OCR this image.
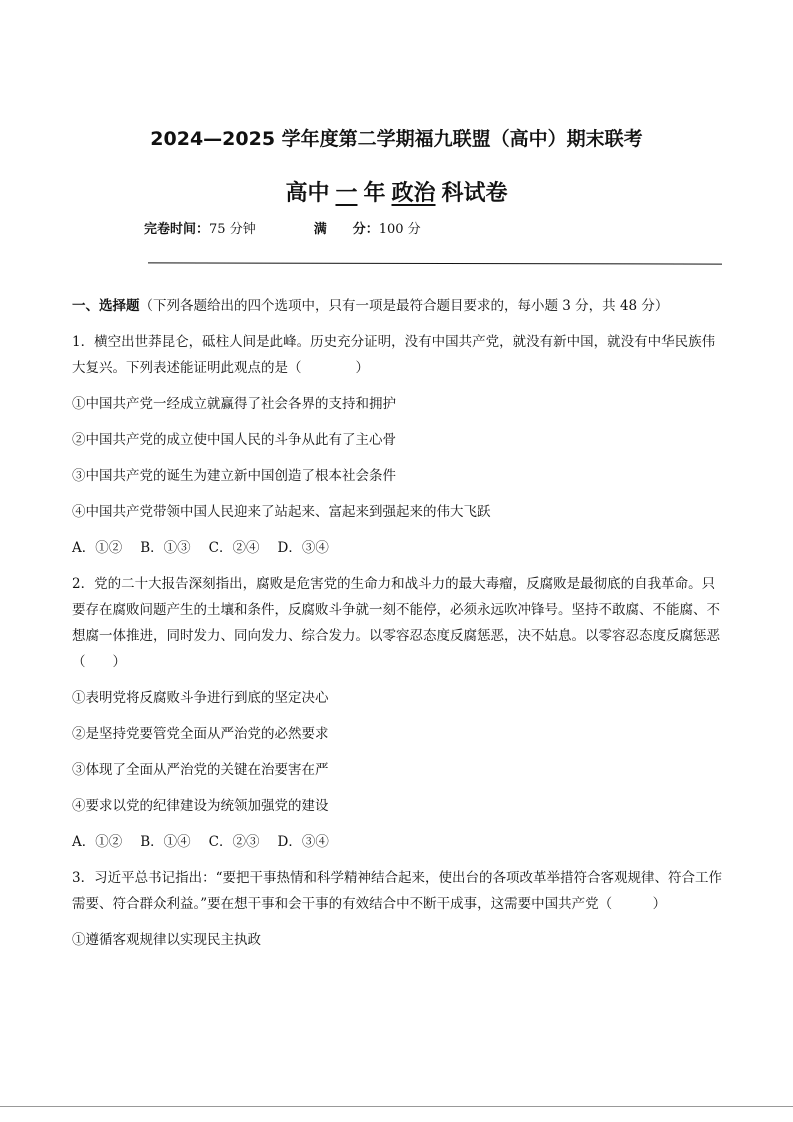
2024—2025 学年度第二学期福九联盟（高中）期末联考
高中 一 年 政治 科试卷
完卷时间：75 分钟	满　　分：100 分

一、选择题（下列各题给出的四个选项中，只有一项是最符合题目要求的，每小题 3 分，共 48 分）

1．横空出世莽昆仑，砥柱人间是此峰。历史充分证明，没有中国共产党，就没有新中国，就没有中华民族伟大复兴。下列表述能证明此观点的是（　　　　）

①中国共产党一经成立就赢得了社会各界的支持和拥护

②中国共产党的成立使中国人民的斗争从此有了主心骨

③中国共产党的诞生为建立新中国创造了根本社会条件

④中国共产党带领中国人民迎来了站起来、富起来到强起来的伟大飞跃

A．①② B．①③ C．②④ D．③④

2．党的二十大报告深刻指出，腐败是危害党的生命力和战斗力的最大毒瘤，反腐败是最彻底的自我革命。只要存在腐败问题产生的土壤和条件，反腐败斗争就一刻不能停，必须永远吹冲锋号。坚持不敢腐、不能腐、不想腐一体推进，同时发力、同向发力、综合发力。以零容忍态度反腐惩恶，决不姑息。以零容忍态度反腐惩恶（　　）

①表明党将反腐败斗争进行到底的坚定决心

②是坚持党要管党全面从严治党的必然要求

③体现了全面从严治党的关键在治要害在严

④要求以党的纪律建设为统领加强党的建设

A．①② B．①④ C．②③ D．③④

3．习近平总书记指出：“要把干事热情和科学精神结合起来，使出台的各项改革举措符合客观规律、符合工作需要、符合群众利益。”要在想干事和会干事的有效结合中不断干成事，这需要中国共产党（　　　）

①遵循客观规律以实现民主执政
